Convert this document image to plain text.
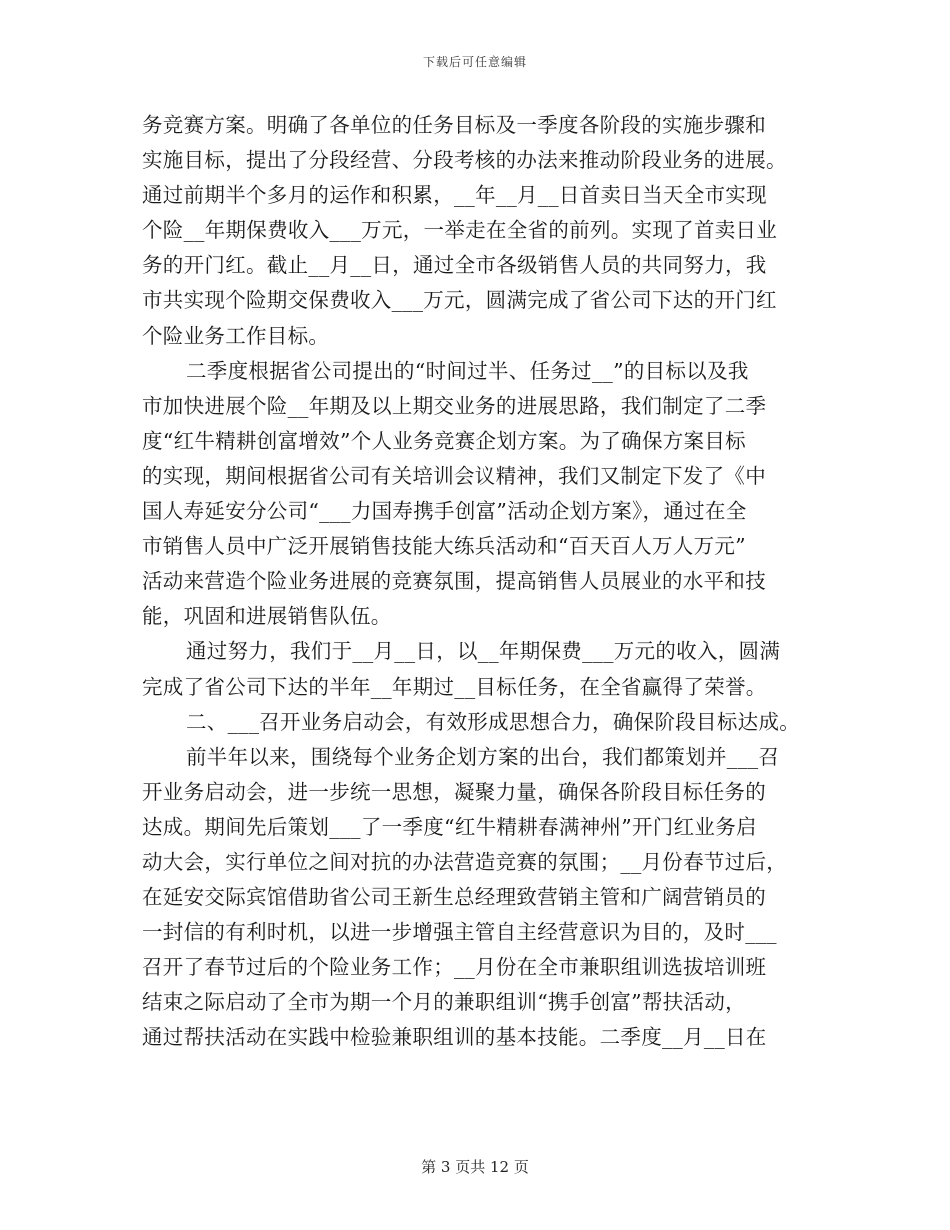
下载后可任意编辑
务竞赛方案。明确了各单位的任务目标及一季度各阶段的实施步骤和
实施目标，提出了分段经营、分段考核的办法来推动阶段业务的进展。
通过前期半个多月的运作和积累，__年__月__日首卖日当天全市实现
个险__年期保费收入___万元，一举走在全省的前列。实现了首卖日业
务的开门红。截止__月__日，通过全市各级销售人员的共同努力，我
市共实现个险期交保费收入___万元，圆满完成了省公司下达的开门红
个险业务工作目标。
二季度根据省公司提出的“时间过半、任务过__”的目标以及我
市加快进展个险__年期及以上期交业务的进展思路，我们制定了二季
度“红牛精耕创富增效”个人业务竞赛企划方案。为了确保方案目标
的实现，期间根据省公司有关培训会议精神，我们又制定下发了《中
国人寿延安分公司“___力国寿携手创富”活动企划方案》，通过在全
市销售人员中广泛开展销售技能大练兵活动和“百天百人万人万元”
活动来营造个险业务进展的竞赛氛围，提高销售人员展业的水平和技
能，巩固和进展销售队伍。
通过努力，我们于__月__日，以__年期保费___万元的收入，圆满
完成了省公司下达的半年__年期过__目标任务，在全省赢得了荣誉。
二、___召开业务启动会，有效形成思想合力，确保阶段目标达成。
前半年以来，围绕每个业务企划方案的出台，我们都策划并___召
开业务启动会，进一步统一思想，凝聚力量，确保各阶段目标任务的
达成。期间先后策划___了一季度“红牛精耕春满神州”开门红业务启
动大会，实行单位之间对抗的办法营造竞赛的氛围；__月份春节过后，
在延安交际宾馆借助省公司王新生总经理致营销主管和广阔营销员的
一封信的有利时机，以进一步增强主管自主经营意识为目的，及时___
召开了春节过后的个险业务工作；__月份在全市兼职组训选拔培训班
结束之际启动了全市为期一个月的兼职组训“携手创富”帮扶活动，
通过帮扶活动在实践中检验兼职组训的基本技能。二季度__月__日在
第 3 页共 12 页
